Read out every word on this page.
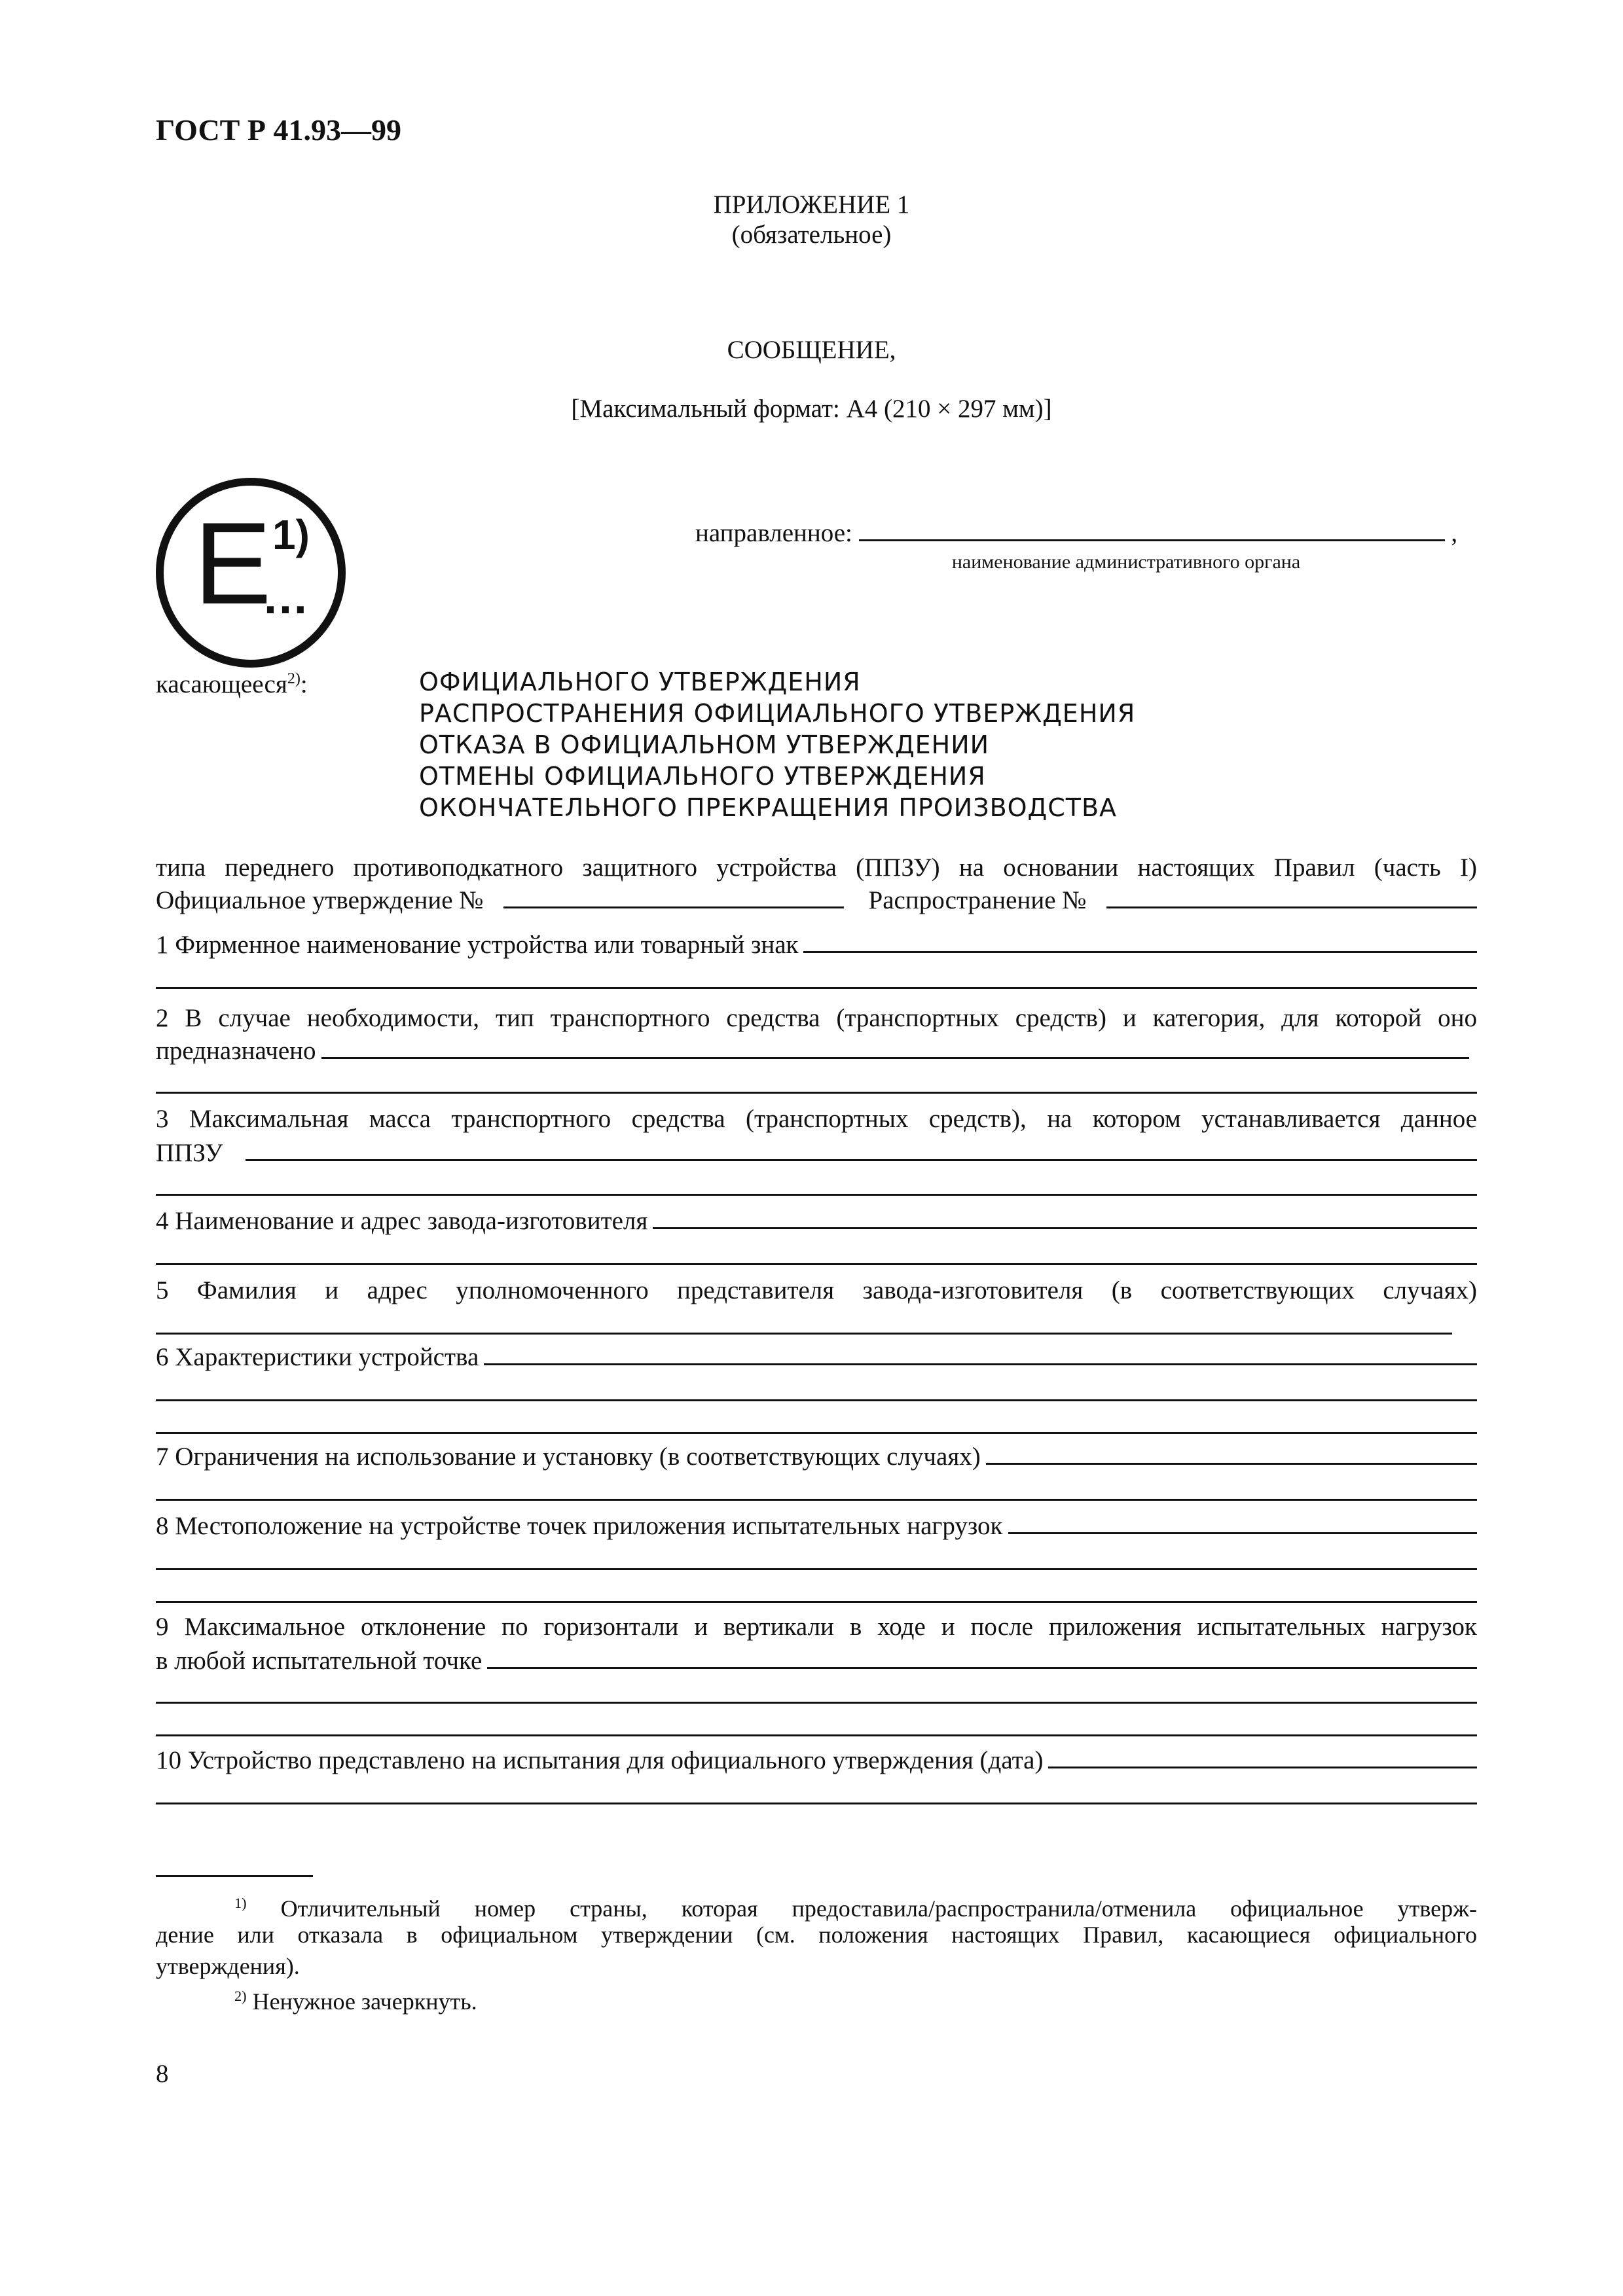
ГОСТ Р 41.93—99
ПРИЛОЖЕНИЕ 1
(обязательное)
СООБЩЕНИЕ,
[Максимальный формат: А4 (210 × 297 мм)]
E 1)
…
направленное:	,
наименование административного органа
касающееся$^{2)}$:	ОФИЦИАЛЬНОГО УТВЕРЖДЕНИЯ
РАСПРОСТРАНЕНИЯ ОФИЦИАЛЬНОГО УТВЕРЖДЕНИЯ
ОТКАЗА В ОФИЦИАЛЬНОМ УТВЕРЖДЕНИИ
ОТМЕНЫ ОФИЦИАЛЬНОГО УТВЕРЖДЕНИЯ
ОКОНЧАТЕЛЬНОГО ПРЕКРАЩЕНИЯ ПРОИЗВОДСТВА
типа переднего противоподкатного защитного устройства (ППЗУ) на основании настоящих Правил (часть I)
Официальное утверждение №	Распространение №
1 Фирменное наименование устройства или товарный знак
2 В случае необходимости, тип транспортного средства (транспортных средств) и категория, для которой оно
предназначено
3 Максимальная масса транспортного средства (транспортных средств), на котором устанавливается данное
ППЗУ
4 Наименование и адрес завода-изготовителя
5 Фамилия и адрес уполномоченного представителя завода-изготовителя (в соответствующих случаях)
6 Характеристики устройства
7 Ограничения на использование и установку (в соответствующих случаях)
8 Местоположение на устройстве точек приложения испытательных нагрузок
9 Максимальное отклонение по горизонтали и вертикали в ходе и после приложения испытательных нагрузок
в любой испытательной точке
10 Устройство представлено на испытания для официального утверждения (дата)
$^{1)}$ Отличительный номер страны, которая предоставила/распространила/отменила официальное утверж-
дение или отказала в официальном утверждении (см. положения настоящих Правил, касающиеся официального
утверждения).
$^{2)}$ Ненужное зачеркнуть.
8
